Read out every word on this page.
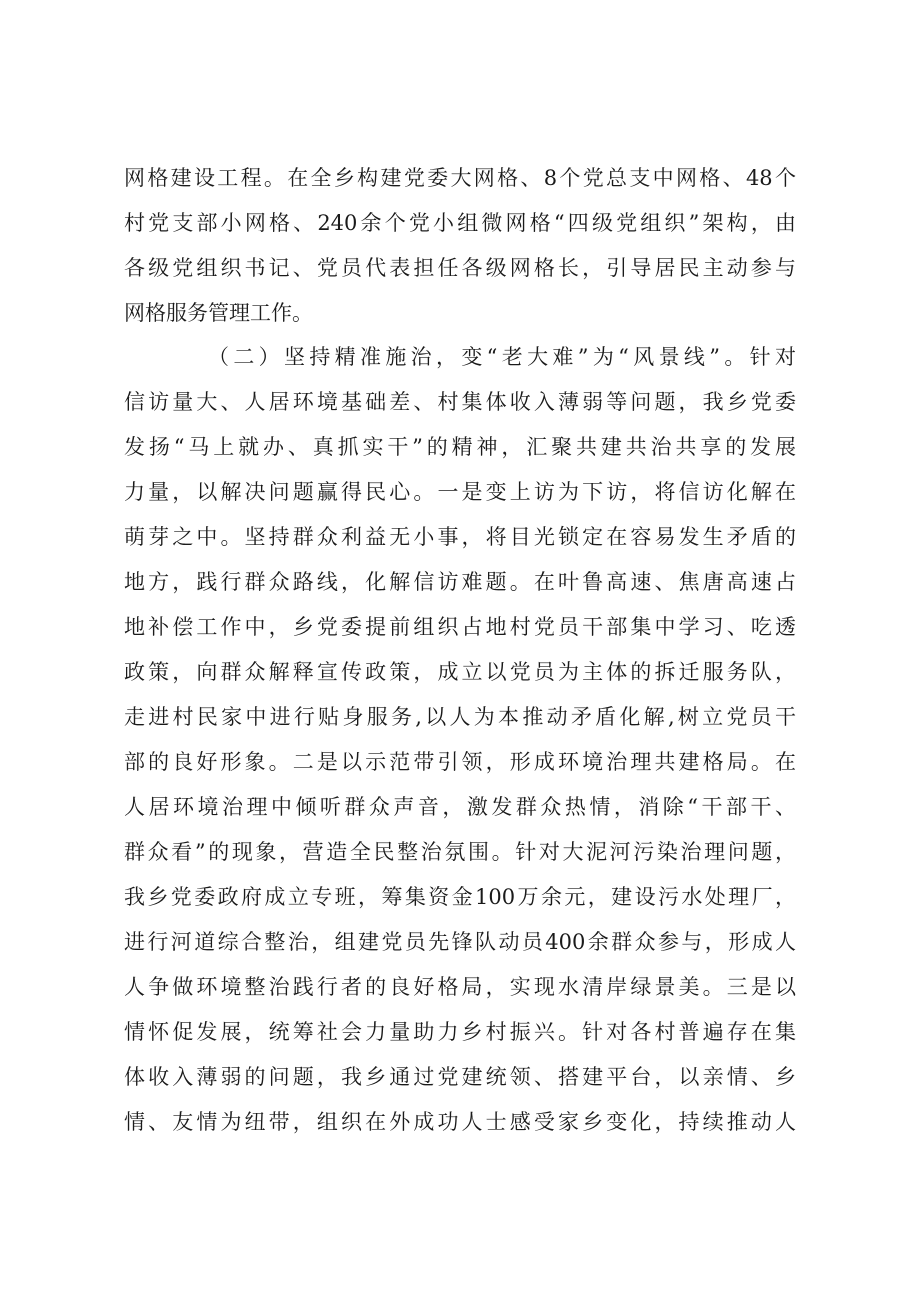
网格建设工程。在全乡构建党委大网格、8个党总支中网格、48个
村党支部小网格、240余个党小组微网格“四级党组织”架构，由
各级党组织书记、党员代表担任各级网格长，引导居民主动参与
网格服务管理工作。
（二）坚持精准施治，变“老大难”为“风景线”。针对
信访量大、人居环境基础差、村集体收入薄弱等问题，我乡党委
发扬“马上就办、真抓实干”的精神，汇聚共建共治共享的发展
力量，以解决问题赢得民心。一是变上访为下访，将信访化解在
萌芽之中。坚持群众利益无小事，将目光锁定在容易发生矛盾的
地方，践行群众路线，化解信访难题。在叶鲁高速、焦唐高速占
地补偿工作中，乡党委提前组织占地村党员干部集中学习、吃透
政策，向群众解释宣传政策，成立以党员为主体的拆迁服务队，
走进村民家中进行贴身服务,以人为本推动矛盾化解,树立党员干
部的良好形象。二是以示范带引领，形成环境治理共建格局。在
人居环境治理中倾听群众声音，激发群众热情，消除“干部干、
群众看”的现象，营造全民整治氛围。针对大泥河污染治理问题，
我乡党委政府成立专班，筹集资金100万余元，建设污水处理厂，
进行河道综合整治，组建党员先锋队动员400余群众参与，形成人
人争做环境整治践行者的良好格局，实现水清岸绿景美。三是以
情怀促发展，统筹社会力量助力乡村振兴。针对各村普遍存在集
体收入薄弱的问题，我乡通过党建统领、搭建平台，以亲情、乡
情、友情为纽带，组织在外成功人士感受家乡变化，持续推动人
